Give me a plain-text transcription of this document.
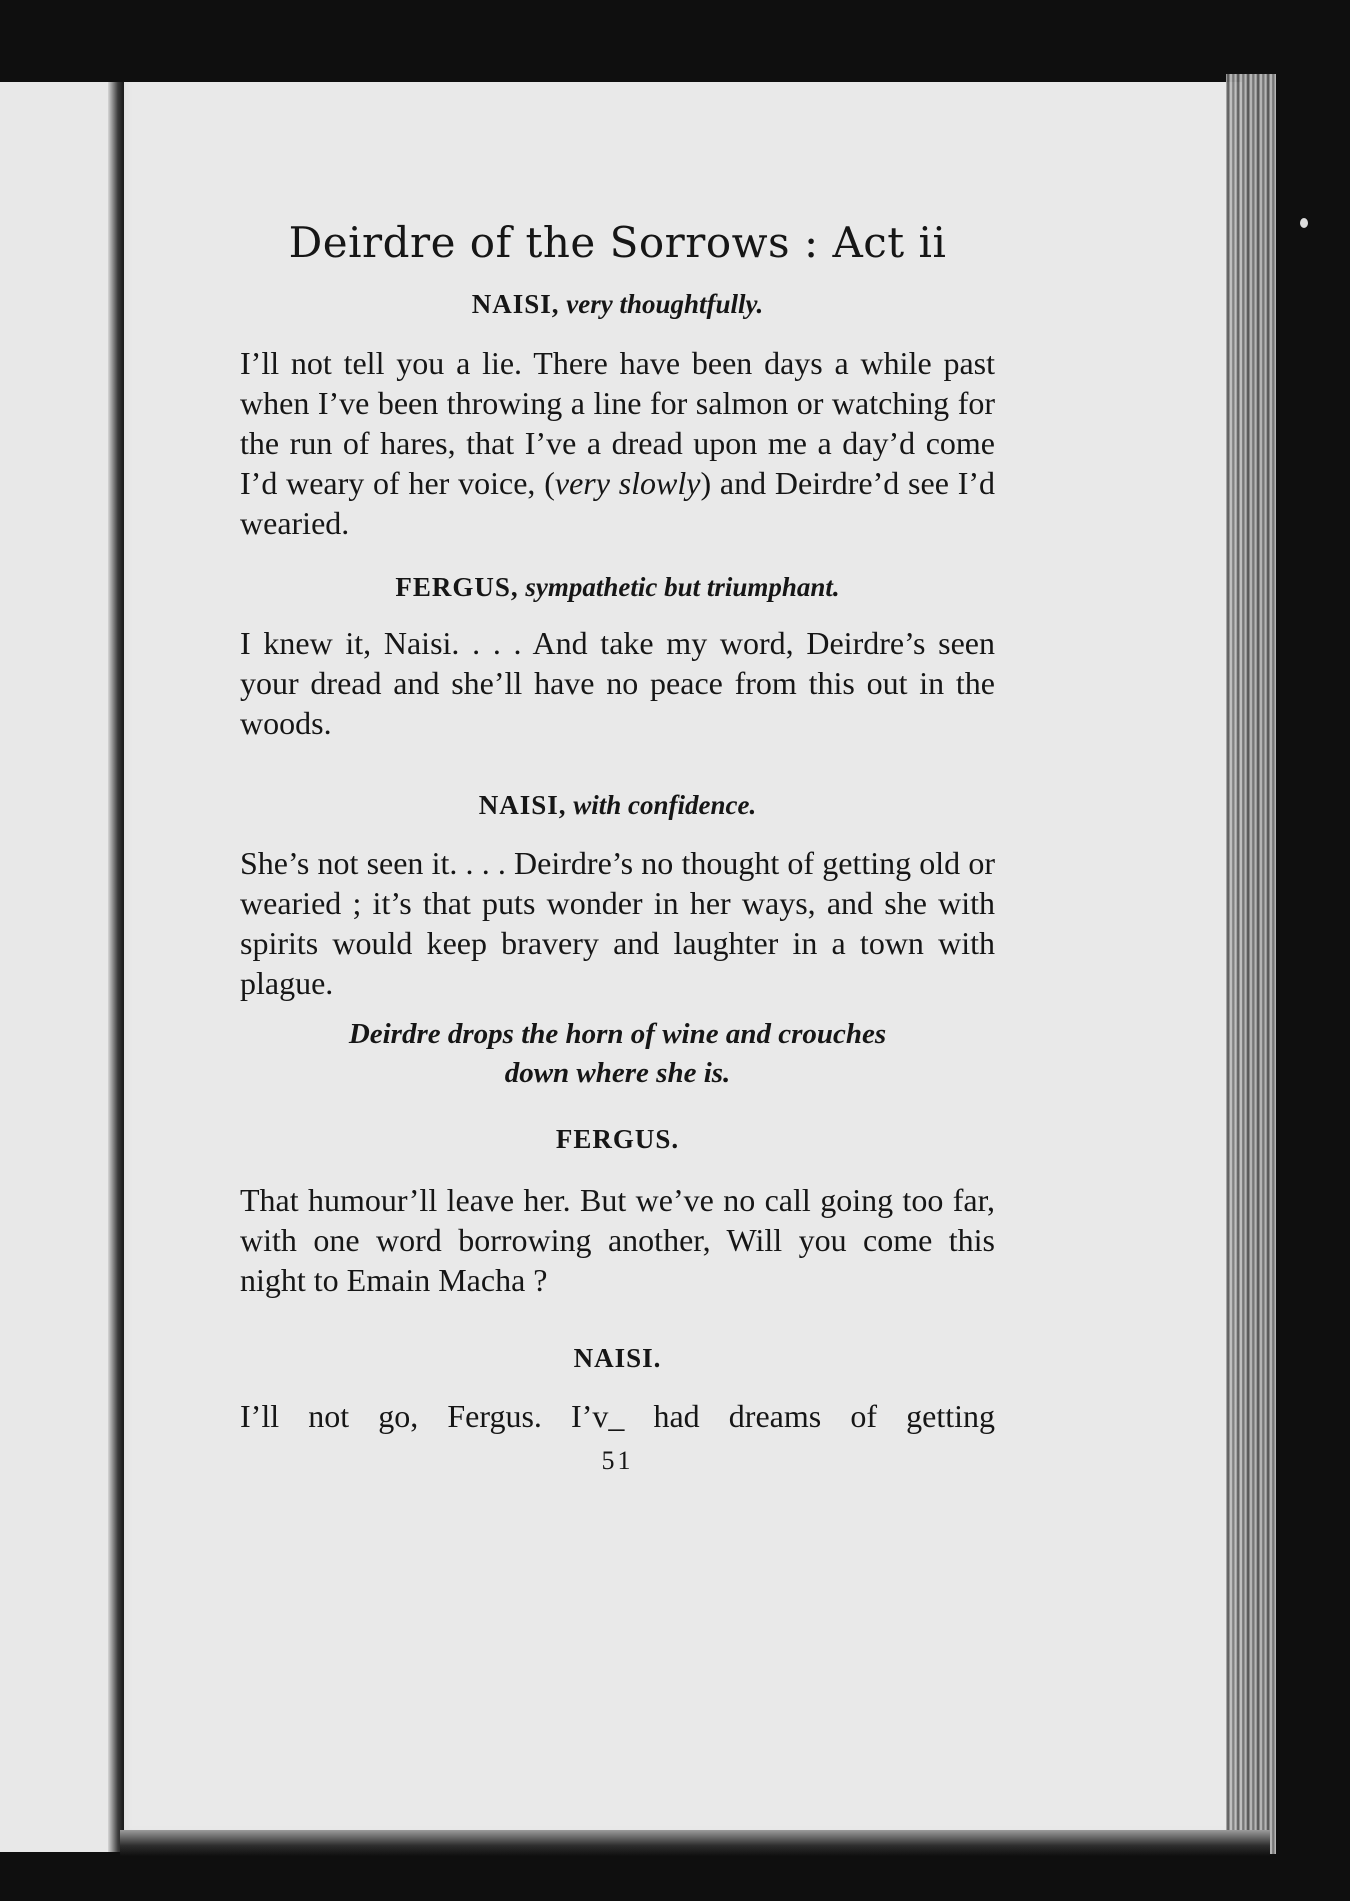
Deirdre of the Sorrows : Act ii

NAISI, very thoughtfully.

I’ll not tell you a lie. There have been days a while past when I’ve been throwing a line for salmon or watching for the run of hares, that I’ve a dread upon me a day’d come I’d weary of her voice, (very slowly) and Deirdre’d see I’d wearied.

FERGUS, sympathetic but triumphant.

I knew it, Naisi. . . . And take my word, Deirdre’s seen your dread and she’ll have no peace from this out in the woods.

NAISI, with confidence.

She’s not seen it. . . . Deirdre’s no thought of getting old or wearied ; it’s that puts wonder in her ways, and she with spirits would keep bravery and laughter in a town with plague.

Deirdre drops the horn of wine and crouches
down where she is.

FERGUS.

That humour’ll leave her. But we’ve no call going too far, with one word borrowing another, Will you come this night to Emain Macha ?

NAISI.

I’ll not go, Fergus. I’v_ had dreams of getting

51
